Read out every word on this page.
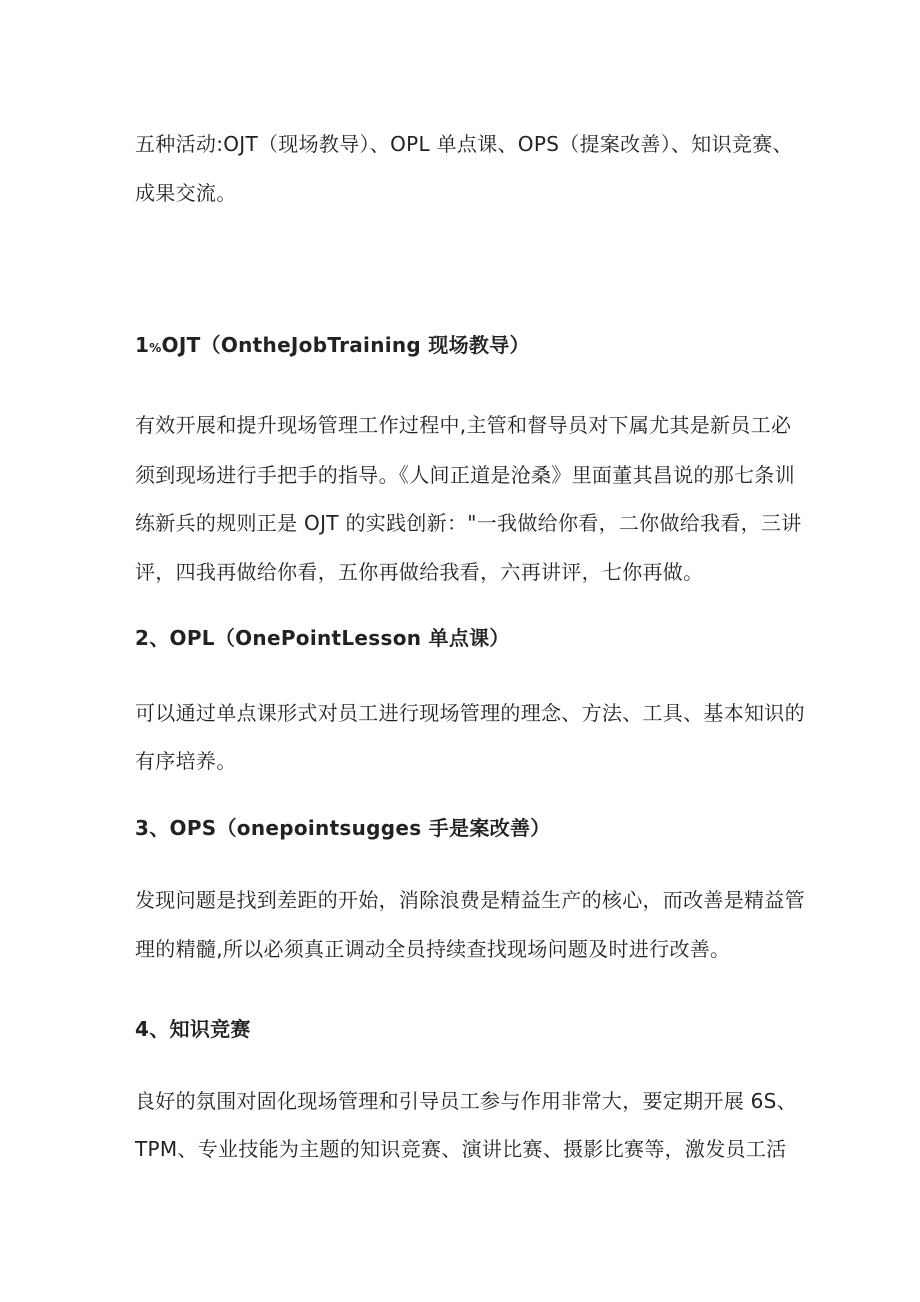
五种活动:OJT（现场教导）、OPL 单点课、OPS（提案改善）、知识竞赛、
成果交流。
1%OJT（OntheJobTraining 现场教导）
有效开展和提升现场管理工作过程中,主管和督导员对下属尤其是新员工必
须到现场进行手把手的指导。《人间正道是沧桑》里面董其昌说的那七条训
练新兵的规则正是 OJT 的实践创新："一我做给你看，二你做给我看，三讲
评，四我再做给你看，五你再做给我看，六再讲评，七你再做。
2、OPL（OnePointLesson 单点课）
可以通过单点课形式对员工进行现场管理的理念、方法、工具、基本知识的
有序培养。
3、OPS（onepointsugges 手是案改善）
发现问题是找到差距的开始，消除浪费是精益生产的核心，而改善是精益管
理的精髓,所以必须真正调动全员持续查找现场问题及时进行改善。
4、知识竞赛
良好的氛围对固化现场管理和引导员工参与作用非常大，要定期开展 6S、
TPM、专业技能为主题的知识竞赛、演讲比赛、摄影比赛等，激发员工活
